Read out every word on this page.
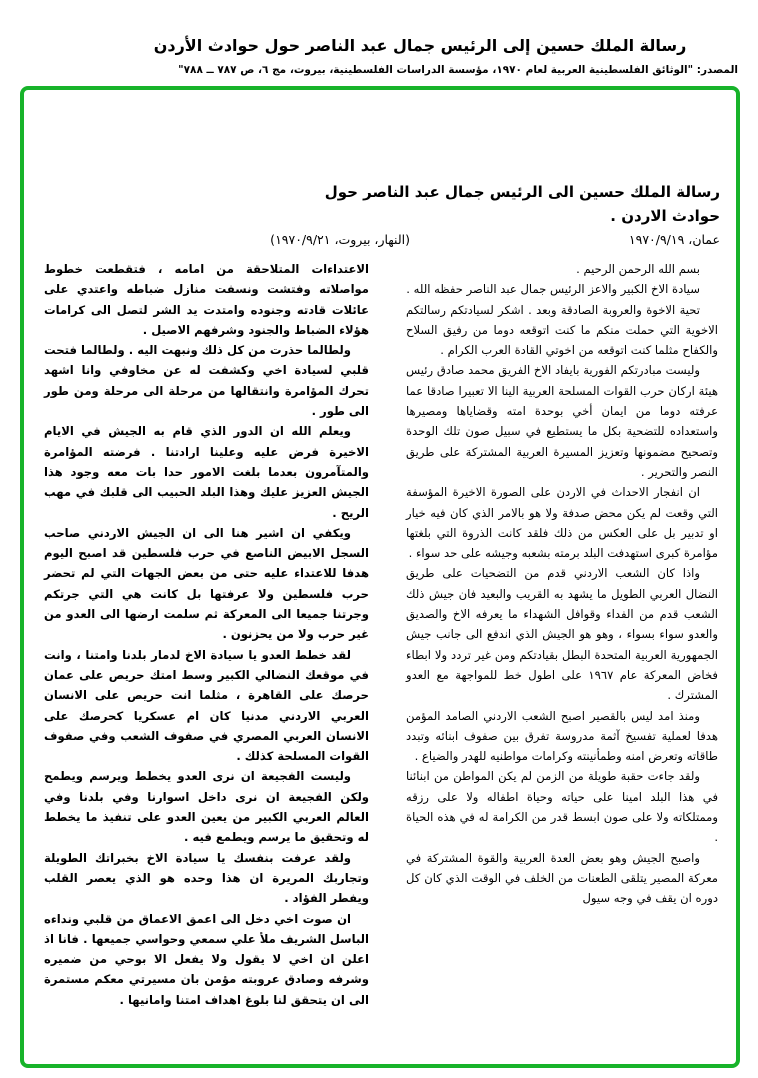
رسالة الملك حسين إلى الرئيس جمال عبد الناصر حول حوادث الأردن
المصدر: "الوثائق الفلسطينية العربية لعام ١٩٧٠، مؤسسة الدراسات الفلسطينية، بيروت، مج ٦، ص ٧٨٧ ــ ٧٨٨"
رسالة الملك حسين الى الرئيس جمال عبد الناصر حول حوادث الاردن .
عمان، ١٩٧٠/٩/١٩
(النهار، بيروت، ١٩٧٠/٩/٢١)

بسم الله الرحمن الرحيم .

سيادة الاخ الكبير والاعز الرئيس جمال عبد الناصر حفظه الله .

تحية الاخوة والعروبة الصادقة وبعد . اشكر لسيادتكم رسالتكم الاخوية التي حملت منكم ما كنت اتوقعه دوما من رفيق السلاح والكفاح مثلما كنت اتوقعه من اخوتي القادة العرب الكرام .

وليست مبادرتكم الفورية بايفاد الاخ الفريق محمد صادق رئيس هيئة اركان حرب القوات المسلحة العربية الينا الا تعبيرا صادقا عما عرفته دوما من ايمان أخي بوحدة امته وقضاياها ومصيرها واستعداده للتضحية بكل ما يستطيع في سبيل صون تلك الوحدة وتصحيح مضمونها وتعزيز المسيرة العربية المشتركة على طريق النصر والتحرير .

ان انفجار الاحداث في الاردن على الصورة الاخيرة المؤسفة التي وقعت لم يكن محض صدفة ولا هو بالامر الذي كان فيه خيار او تدبير بل على العكس من ذلك فلقد كانت الذروة التي بلغتها مؤامرة كبرى استهدفت البلد برمته بشعبه وجيشه على حد سواء .

واذا كان الشعب الاردني قدم من التضحيات على طريق النضال العربي الطويل ما يشهد به القريب والبعيد فان جيش ذلك الشعب قدم من الفداء وقوافل الشهداء ما يعرفه الاخ والصديق والعدو سواء بسواء ، وهو هو الجيش الذي اندفع الى جانب جيش الجمهورية العربية المتحدة البطل بقيادتكم ومن غير تردد ولا ابطاء فخاض المعركة عام ١٩٦٧ على اطول خط للمواجهة مع العدو المشترك .

ومنذ امد ليس بالقصير اصبح الشعب الاردني الصامد المؤمن هدفا لعملية تفسيخ آثمة مدروسة تفرق بين صفوف ابنائه وتبدد طاقاته وتعرض امنه وطمأنينته وكرامات مواطنيه للهدر والضياع .

ولقد جاءت حقبة طويلة من الزمن لم يكن المواطن من ابنائنا في هذا البلد امينا على حياته وحياة اطفاله ولا على رزقه وممتلكاته ولا على صون ابسط قدر من الكرامة له في هذه الحياة .

واصبح الجيش وهو بعض العدة العربية والقوة المشتركة في معركة المصير يتلقى الطعنات من الخلف في الوقت الذي كان كل دوره ان يقف في وجه سيول

الاعتداءات المتلاحقة من امامه ، فتقطعت خطوط مواصلاته وفتشت ونسفت منازل ضباطه واعتدي على عائلات قادته وجنوده وامتدت يد الشر لتصل الى كرامات هؤلاء الضباط والجنود وشرفهم الاصيل .

ولطالما حذرت من كل ذلك ونبهت اليه . ولطالما فتحت قلبي لسيادة اخي وكشفت له عن مخاوفي وانا اشهد تحرك المؤامرة وانتقالها من مرحلة الى مرحلة ومن طور الى طور .

ويعلم الله ان الدور الذي قام به الجيش في الايام الاخيرة فرض عليه وعلينا ارادتنا . فرضته المؤامرة والمتآمرون بعدما بلغت الامور حدا بات معه وجود هذا الجيش العزيز عليك وهذا البلد الحبيب الى قلبك في مهب الريح .

ويكفي ان اشير هنا الى ان الجيش الاردني صاحب السجل الابيض الناصع في حرب فلسطين قد اصبح اليوم هدفا للاعتداء عليه حتى من بعض الجهات التي لم تحضر حرب فلسطين ولا عرفتها بل كانت هي التي جرتكم وجرتنا جميعا الى المعركة ثم سلمت ارضها الى العدو من غير حرب ولا من يحزنون .

لقد خطط العدو يا سيادة الاخ لدمار بلدنا وامتنا ، وانت في موقعك النضالي الكبير وسط امتك حريص على عمان حرصك على القاهرة ، مثلما انت حريص على الانسان العربي الاردني مدنيا كان ام عسكريا كحرصك على الانسان العربي المصري في صفوف الشعب وفي صفوف القوات المسلحة كذلك .

وليست الفجيعة ان نرى العدو يخطط ويرسم ويطمح ولكن الفجيعة ان نرى داخل اسوارنا وفي بلدنا وفي العالم العربي الكبير من يعين العدو على تنفيذ ما يخطط له وتحقيق ما يرسم ويطمع فيه .

ولقد عرفت بنفسك يا سيادة الاخ بخبراتك الطويلة وتجاربك المريرة ان هذا وحده هو الذي يعصر القلب ويفطر الفؤاد .

ان صوت اخي دخل الى اعمق الاعماق من قلبي ونداءه الباسل الشريف ملأ علي سمعي وحواسي جميعها . فانا اذ اعلن ان اخي لا يقول ولا يفعل الا بوحي من ضميره وشرفه وصادق عروبته مؤمن بان مسيرتي معكم مستمرة الى ان يتحقق لنا بلوغ اهداف امتنا وامانيها .
